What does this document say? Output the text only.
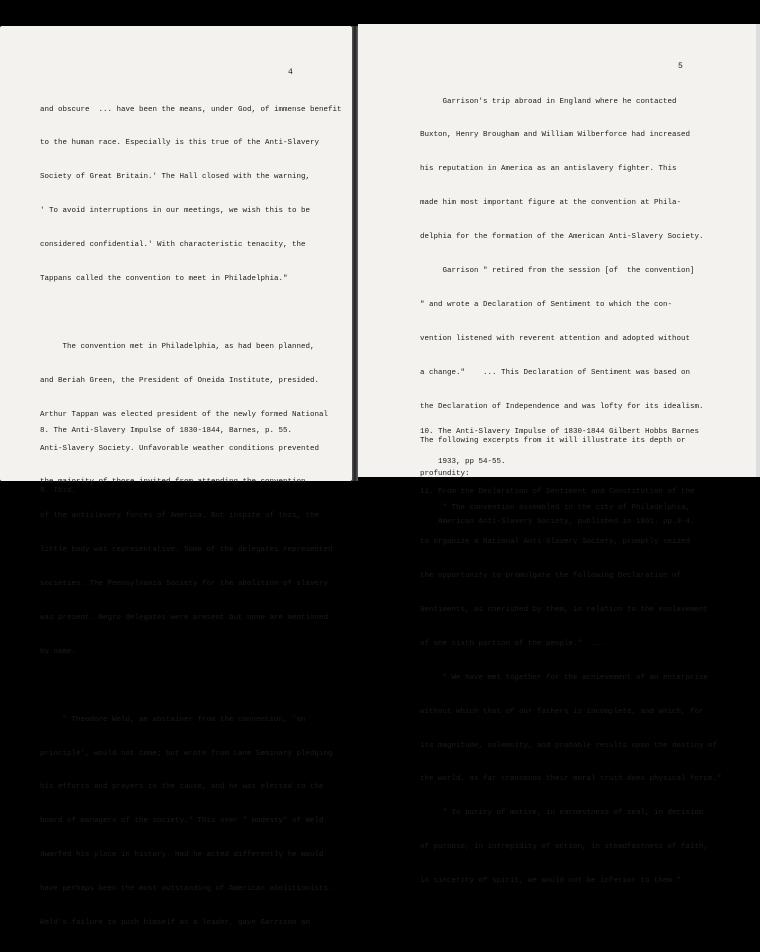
4

and obscure  ... have been the means, under God, of immense benefit

to the human race. Especially is this true of the Anti-Slavery

Society of Great Britain.' The Hall closed with the warning,

' To avoid interruptions in our meetings, we wish this to be

considered confidential.' With characteristic tenacity, the

Tappans called the convention to meet in Philadelphia."

The convention met in Philadelphia, as had been planned,

and Beriah Green, the President of Oneida Institute, presided.

Arthur Tappan was elected president of the newly formed National

Anti-Slavery Society. Unfavorable weather conditions prevented

the majority of those invited from attending the convention

of the antislavery forces of America. But inspite of this, the

little body was representative. Some of the delegates represented

societies. The Pennsylvania Society for the abolition of slavery

was present. Negro delegates were present but none are mentioned

by name.

" Theodore Weld, an abstainer from the convention, 'on

principle', would not come; but wrote from Lane Seminary pledging

his efforts and prayers to the cause, and he was elected to the

board of managers of the society." This over " modesty" of Weld

dwarfed his place in history. Had he acted differently he would

have perhaps been the most outstanding of American abolitionists.

Weld's failure to push himself as a leader, gave Garrison an

8. The Anti-Slavery Impulse of 1830-1844, Barnes, p. 55.

9. Ibid.

5

Garrison's trip abroad in England where he contacted

Buxton, Henry Brougham and William Wilberforce had increased

his reputation in America as an antislavery fighter. This

made him most important figure at the convention at Phila-

delphia for the formation of the American Anti-Slavery Society.

Garrison " retired from the session [of  the convention]

" and wrote a Declaration of Sentiment to which the con-

vention listened with reverent attention and adopted without

a change."    ... This Declaration of Sentiment was based on

the Declaration of Independence and was lofty for its idealism.

The following excerpts from it will illustrate its depth or

profundity:

" The convention assembled in the city of Philadelphia,

to organize a National Anti-Slavery Society, promptly seized

the opportunity to promulgate the following Declaration of

Sentiments, as cherished by them, in relation to the enslavement

of one sixth portion of the people."  ...

" We have met together for the achievement of an enterprise

without which that of our fathers is incomplete, and which, for

its magnitude, solemnity, and probable results upon the destiny of

the world, as far transends their moral truth does physical force."

" In purity of motive, in earnestness of zeal, in decision

of purpose, in intrepidity of action, in steadfastness of faith,

in sincerity of spirit, we would not be inferior to them."

10. The Anti-Slavery Impulse of 1830-1844 Gilbert Hobbs Barnes

1933, pp 54-55.

11. From the Declaration of Sentiment and Constitution of the

American Anti-Slavery Society, published in 1861. pp.3-4.
